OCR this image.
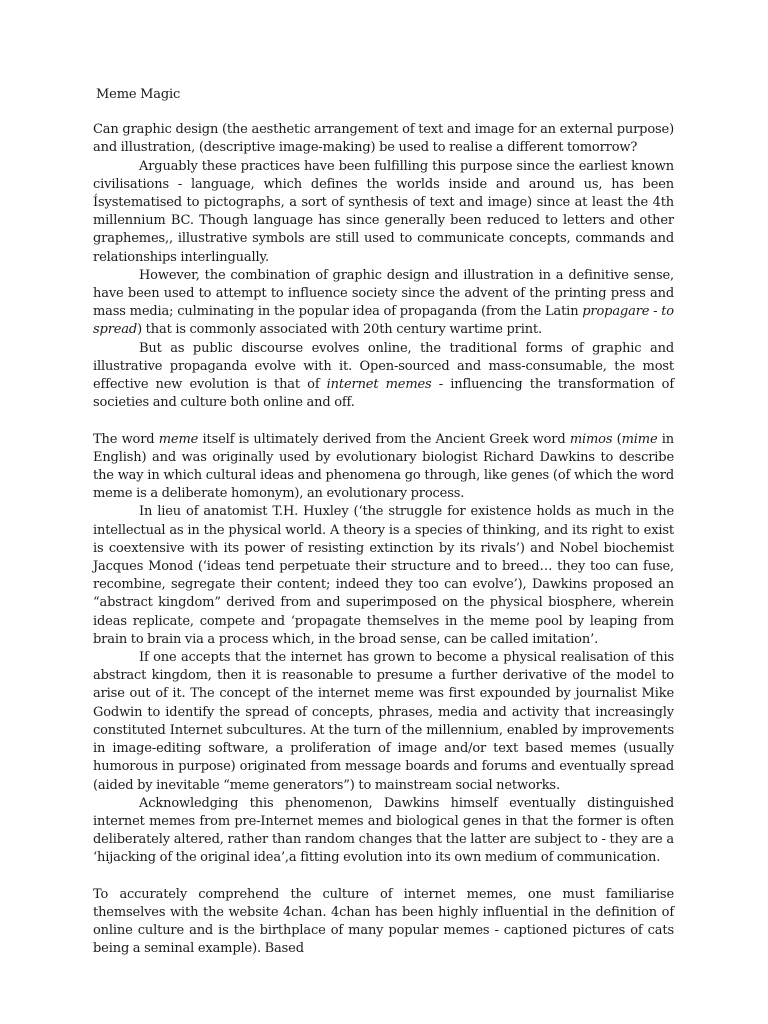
Meme Magic

Can graphic design (the aesthetic arrangement of text and image for an external purpose) and illustration, (descriptive image-making) be used to realise a different tomorrow?

Arguably these practices have been fulfilling this purpose since the earliest known civilisations - language, which defines the worlds inside and around us, has been Ísystematised to pictographs, a sort of synthesis of text and image) since at least the 4th millennium BC. Though language has since generally been reduced to letters and other graphemes,, illustrative symbols are still used to communicate concepts, commands and relationships interlingually.

However, the combination of graphic design and illustration in a definitive sense, have been used to attempt to influence society since the advent of the printing press and mass media; culminating in the popular idea of propaganda (from the Latin propagare - to spread) that is commonly associated with 20th century wartime print.

But as public discourse evolves online, the traditional forms of graphic and illustrative propaganda evolve with it. Open-sourced and mass-consumable, the most effective new evolution is that of internet memes - influencing the transformation of societies and culture both online and off.

The word meme itself is ultimately derived from the Ancient Greek word mimos (mime in English) and was originally used by evolutionary biologist Richard Dawkins to describe the way in which cultural ideas and phenomena go through, like genes (of which the word meme is a deliberate homonym), an evolutionary process.

In lieu of anatomist T.H. Huxley (‘the struggle for existence holds as much in the intellectual as in the physical world. A theory is a species of thinking, and its right to exist is coextensive with its power of resisting extinction by its rivals’) and Nobel biochemist Jacques Monod (‘ideas tend perpetuate their structure and to breed… they too can fuse, recombine, segregate their content; indeed they too can evolve’), Dawkins proposed an “abstract kingdom” derived from and superimposed on the physical biosphere, wherein ideas replicate, compete and ‘propagate themselves in the meme pool by leaping from brain to brain via a process which, in the broad sense, can be called imitation’.

If one accepts that the internet has grown to become a physical realisation of this abstract kingdom, then it is reasonable to presume a further derivative of the model to arise out of it. The concept of the internet meme was first expounded by journalist Mike Godwin to identify the spread of concepts, phrases, media and activity that increasingly constituted Internet subcultures. At the turn of the millennium, enabled by improvements in image-editing software, a proliferation of image and/or text based memes (usually humorous in purpose) originated from message boards and forums and eventually spread (aided by inevitable “meme generators”) to mainstream social networks.

Acknowledging this phenomenon, Dawkins himself eventually distinguished internet memes from pre-Internet memes and biological genes in that the former is often deliberately altered, rather than random changes that the latter are subject to - they are a ‘hijacking of the original idea’,a fitting evolution into its own medium of communication.

To accurately comprehend the culture of internet memes, one must familiarise themselves with the website 4chan. 4chan has been highly influential in the definition of online culture and is the birthplace of many popular memes - captioned pictures of cats being a seminal example). Based
